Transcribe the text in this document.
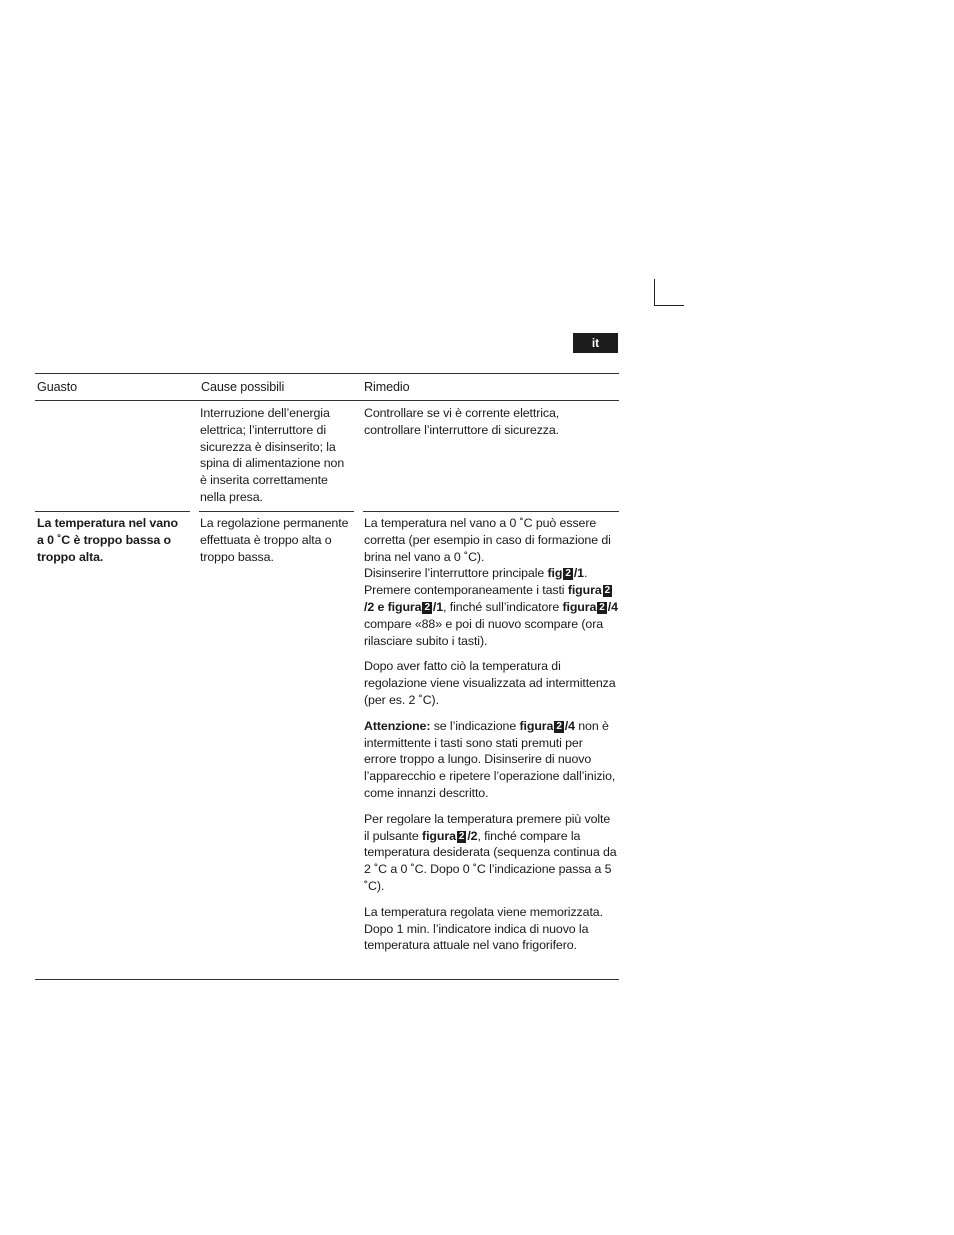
it
Guasto	Cause possibili	Rimedio
Interruzione dell’energia elettrica; l’interruttore di sicurezza è disinserito; la spina di alimentazione non è inserita correttamente nella presa.
Controllare se vi è corrente elettrica, controllare l’interruttore di sicurezza.
La temperatura nel vano a 0 ˚C è troppo bassa o troppo alta.
La regolazione permanente effettuata è troppo alta o troppo bassa.

La temperatura nel vano a 0 ˚C può essere corretta (per esempio in caso di formazione di brina nel vano a 0 ˚C).
Disinserire l’interruttore principale fig 2 /1.
Premere contemporaneamente i tasti figura 2/2 e figura 2 /1, finché sull’indicatore figura 2 /4 compare «88» e poi di nuovo scompare (ora rilasciare subito i tasti).

Dopo aver fatto ciò la temperatura di regolazione viene visualizzata ad intermittenza (per es. 2 ˚C).

Attenzione: se l’indicazione figura 2 /4 non è intermittente i tasti sono stati premuti per errore troppo a lungo. Disinserire di nuovo l’apparecchio e ripetere l’operazione dall’inizio, come innanzi descritto.

Per regolare la temperatura premere più volte il pulsante figura 2 /2, finché compare la temperatura desiderata (sequenza continua da 2 ˚C a 0 ˚C. Dopo 0 ˚C l’indicazione passa a 5 ˚C).

La temperatura regolata viene memorizzata. Dopo 1 min. l’indicatore indica di nuovo la temperatura attuale nel vano frigorifero.
